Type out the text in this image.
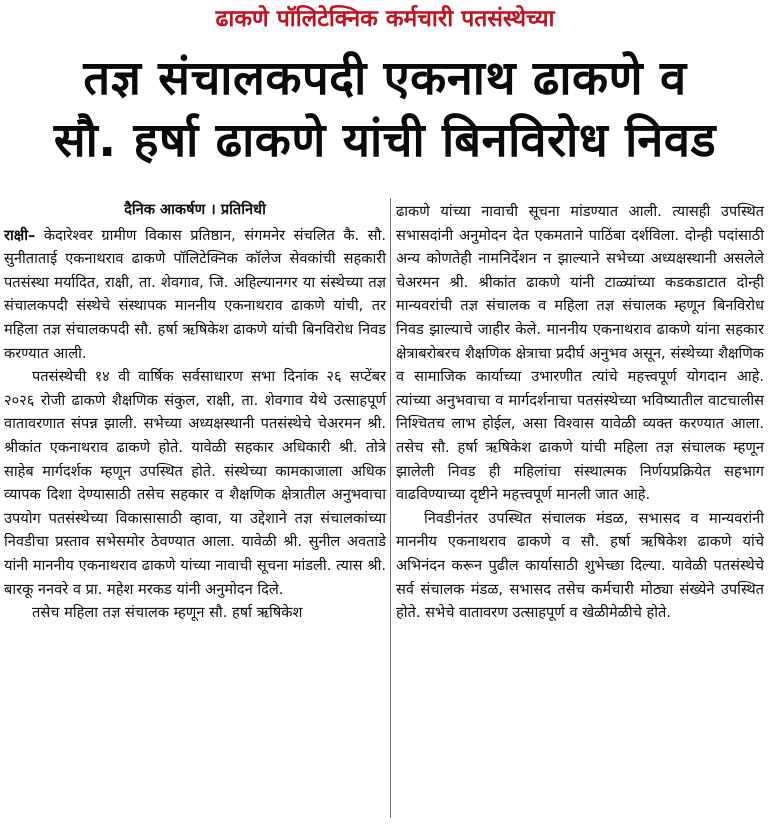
ढाकणे पॉलिटेक्निक कर्मचारी पतसंस्थेच्या
तज्ञ संचालकपदी एकनाथ ढाकणे व
सौ. हर्षा ढाकणे यांची बिनविरोध निवड
दैनिक आकर्षण । प्रतिनिधी

राक्षी– केदारेश्वर ग्रामीण विकास प्रतिष्ठान, संगमनेर संचलित कै. सौ. सुनीताताई एकनाथराव ढाकणे पॉलिटेक्निक कॉलेज सेवकांची सहकारी पतसंस्था मर्यादित, राक्षी, ता. शेवगाव, जि. अहिल्यानगर या संस्थेच्या तज्ञ संचालकपदी संस्थेचे संस्थापक माननीय एकनाथराव ढाकणे यांची, तर महिला तज्ञ संचालकपदी सौ. हर्षा ऋषिकेश ढाकणे यांची बिनविरोध निवड करण्यात आली.

पतसंस्थेची १४ वी वार्षिक सर्वसाधारण सभा दिनांक २६ सप्टेंबर २०२६ रोजी ढाकणे शैक्षणिक संकुल, राक्षी, ता. शेवगाव येथे उत्साहपूर्ण वातावरणात संपन्न झाली. सभेच्या अध्यक्षस्थानी पतसंस्थेचे चेअरमन श्री. श्रीकांत एकनाथराव ढाकणे होते. यावेळी सहकार अधिकारी श्री. तोत्रे साहेब मार्गदर्शक म्हणून उपस्थित होते. संस्थेच्या कामकाजाला अधिक व्यापक दिशा देण्यासाठी तसेच सहकार व शैक्षणिक क्षेत्रातील अनुभवाचा उपयोग पतसंस्थेच्या विकासासाठी व्हावा, या उद्देशाने तज्ञ संचालकांच्या निवडीचा प्रस्ताव सभेसमोर ठेवण्यात आला. यावेळी श्री. सुनील अवताडे यांनी माननीय एकनाथराव ढाकणे यांच्या नावाची सूचना मांडली. त्यास श्री. बारकू ननवरे व प्रा. महेश मरकड यांनी अनुमोदन दिले.

तसेच महिला तज्ञ संचालक म्हणून सौ. हर्षा ऋषिकेश

ढाकणे यांच्या नावाची सूचना मांडण्यात आली. त्यासही उपस्थित सभासदांनी अनुमोदन देत एकमताने पाठिंबा दर्शविला. दोन्ही पदांसाठी अन्य कोणतेही नामनिर्देशन न झाल्याने सभेच्या अध्यक्षस्थानी असलेले चेअरमन श्री. श्रीकांत ढाकणे यांनी टाळ्यांच्या कडकडाटात दोन्ही मान्यवरांची तज्ञ संचालक व महिला तज्ञ संचालक म्हणून बिनविरोध निवड झाल्याचे जाहीर केले. माननीय एकनाथराव ढाकणे यांना सहकार क्षेत्राबरोबरच शैक्षणिक क्षेत्राचा प्रदीर्घ अनुभव असून, संस्थेच्या शैक्षणिक व सामाजिक कार्याच्या उभारणीत त्यांचे महत्त्वपूर्ण योगदान आहे. त्यांच्या अनुभवाचा व मार्गदर्शनाचा पतसंस्थेच्या भविष्यातील वाटचालीस निश्चितच लाभ होईल, असा विश्वास यावेळी व्यक्त करण्यात आला. तसेच सौ. हर्षा ऋषिकेश ढाकणे यांची महिला तज्ञ संचालक म्हणून झालेली निवड ही महिलांचा संस्थात्मक निर्णयप्रक्रियेत सहभाग वाढविण्याच्या दृष्टीने महत्त्वपूर्ण मानली जात आहे.

निवडीनंतर उपस्थित संचालक मंडळ, सभासद व मान्यवरांनी माननीय एकनाथराव ढाकणे व सौ. हर्षा ऋषिकेश ढाकणे यांचे अभिनंदन करून पुढील कार्यासाठी शुभेच्छा दिल्या. यावेळी पतसंस्थेचे सर्व संचालक मंडळ, सभासद तसेच कर्मचारी मोठ्या संख्येने उपस्थित होते. सभेचे वातावरण उत्साहपूर्ण व खेळीमेळीचे होते.
